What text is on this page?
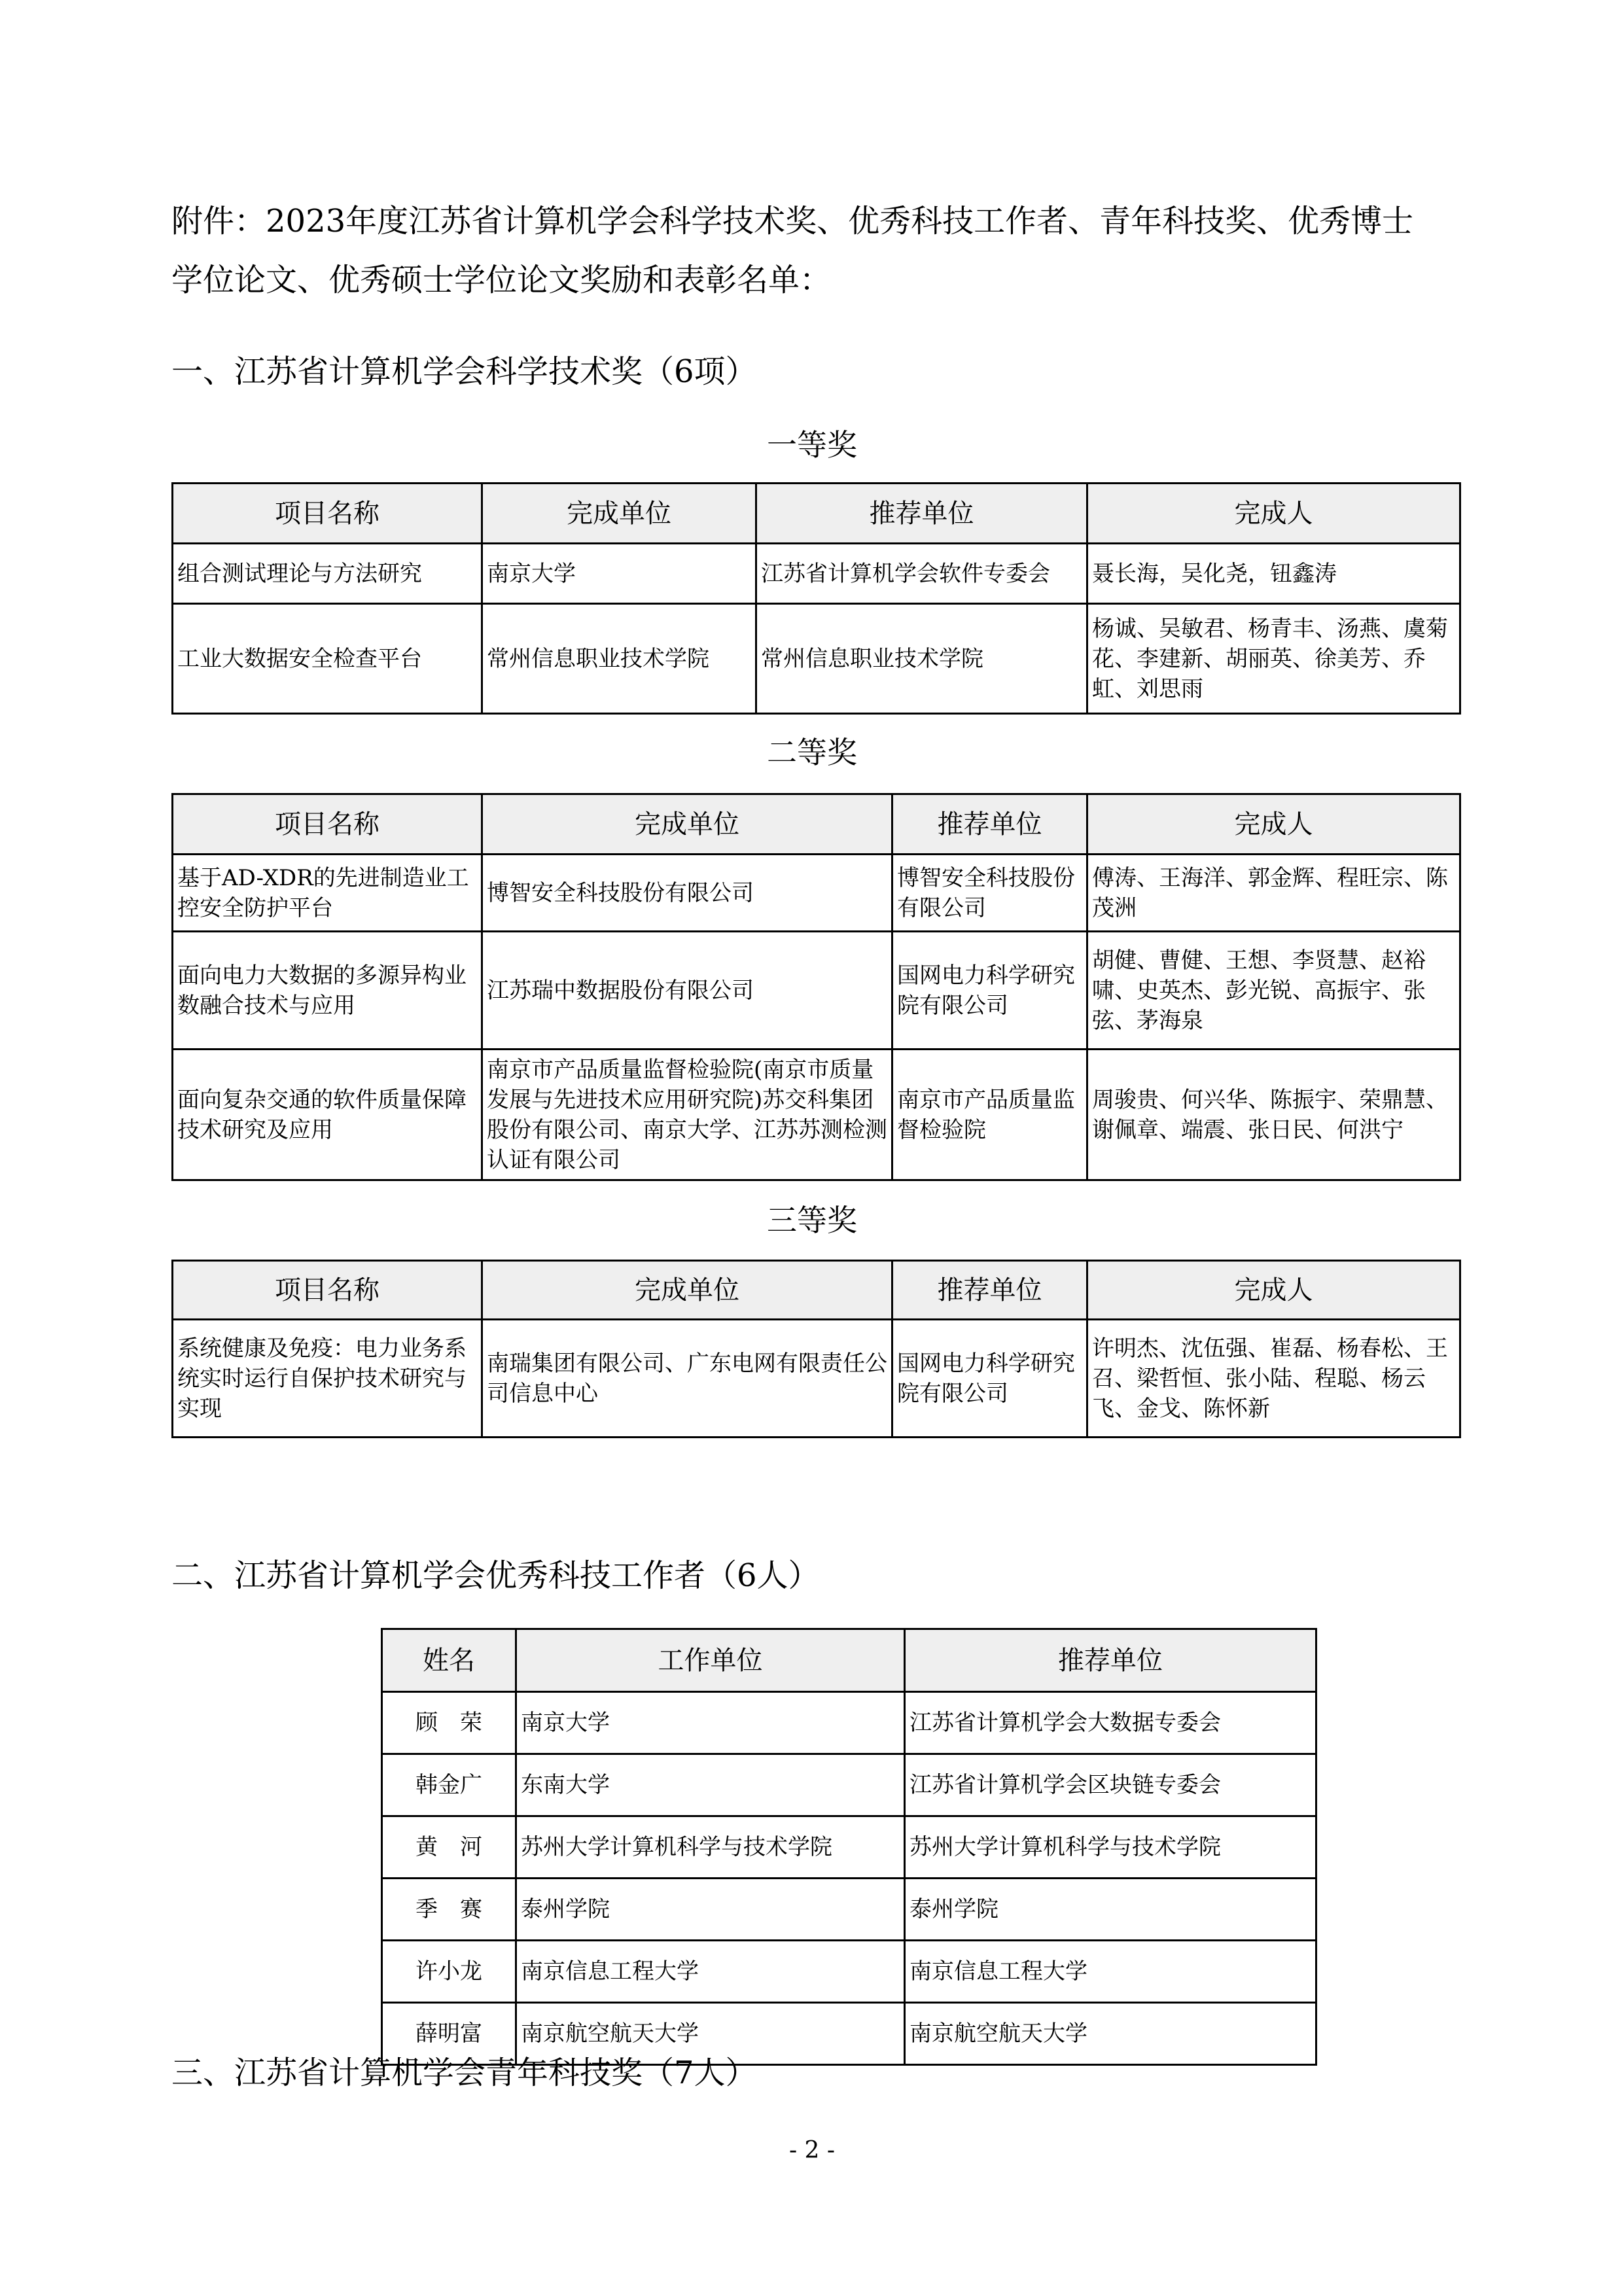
附件：2023年度江苏省计算机学会科学技术奖、优秀科技工作者、青年科技奖、优秀博士
学位论文、优秀硕士学位论文奖励和表彰名单：
一、江苏省计算机学会科学技术奖（6项）
一等奖
项目名称	完成单位	推荐单位	完成人
组合测试理论与方法研究	南京大学	江苏省计算机学会软件专委会	聂长海，吴化尧，钮鑫涛
工业大数据安全检查平台	常州信息职业技术学院	常州信息职业技术学院	杨诚、吴敏君、杨青丰、汤燕、虞菊花、李建新、胡丽英、徐美芳、乔　虹、刘思雨
二等奖
项目名称	完成单位	推荐单位	完成人
基于AD-XDR的先进制造业工控安全防护平台	博智安全科技股份有限公司	博智安全科技股份有限公司	傅涛、王海洋、郭金辉、程旺宗、陈茂洲
面向电力大数据的多源异构业数融合技术与应用	江苏瑞中数据股份有限公司	国网电力科学研究院有限公司	胡健、曹健、王想、李贤慧、赵裕啸、史英杰、彭光锐、高振宇、张弦、茅海泉
面向复杂交通的软件质量保障技术研究及应用	南京市产品质量监督检验院(南京市质量发展与先进技术应用研究院)苏交科集团股份有限公司、南京大学、江苏苏测检测认证有限公司	南京市产品质量监督检验院	周骏贵、何兴华、陈振宇、荣鼎慧、谢佩章、端震、张日民、何洪宁
三等奖
项目名称	完成单位	推荐单位	完成人
系统健康及免疫：电力业务系统实时运行自保护技术研究与实现	南瑞集团有限公司、广东电网有限责任公司信息中心	国网电力科学研究院有限公司	许明杰、沈伍强、崔磊、杨春松、王召、梁哲恒、张小陆、程聪、杨云飞、金戈、陈怀新
二、江苏省计算机学会优秀科技工作者（6人）
姓名	工作单位	推荐单位
顾　荣	南京大学	江苏省计算机学会大数据专委会
韩金广	东南大学	江苏省计算机学会区块链专委会
黄　河	苏州大学计算机科学与技术学院	苏州大学计算机科学与技术学院
季　赛	泰州学院	泰州学院
许小龙	南京信息工程大学	南京信息工程大学
薛明富	南京航空航天大学	南京航空航天大学
三、江苏省计算机学会青年科技奖（7人）
- 2 -
